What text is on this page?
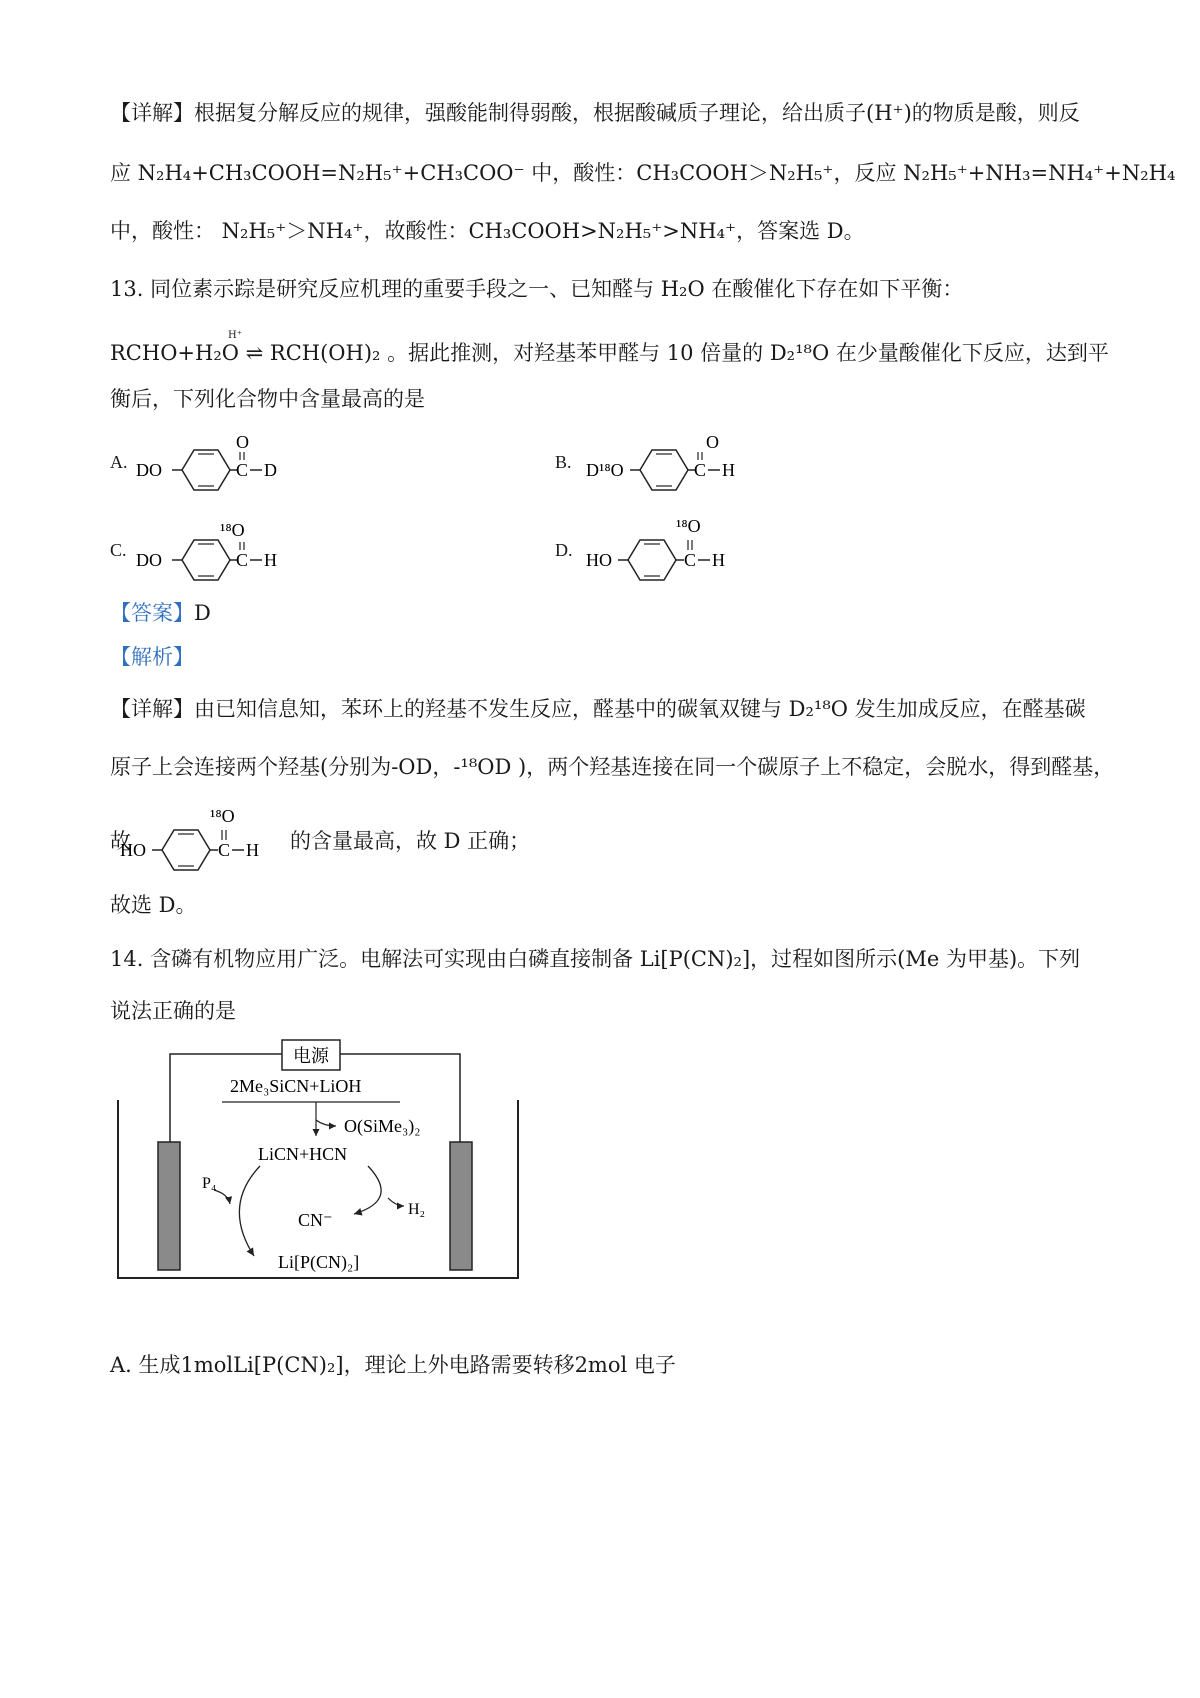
【详解】根据复分解反应的规律，强酸能制得弱酸，根据酸碱质子理论，给出质子(H⁺)的物质是酸，则反
应 N₂H₄+CH₃COOH=N₂H₅⁺+CH₃COO⁻ 中，酸性：CH₃COOH＞N₂H₅⁺，反应 N₂H₅⁺+NH₃=NH₄⁺+N₂H₄
中，酸性： N₂H₅⁺＞NH₄⁺，故酸性：CH₃COOH>N₂H₅⁺>NH₄⁺，答案选 D。
13. 同位素示踪是研究反应机理的重要手段之一、已知醛与 H₂O 在酸催化下存在如下平衡：
H⁺
RCHO+H₂O ⇌ RCH(OH)₂ 。据此推测，对羟基苯甲醛与 10 倍量的 D₂¹⁸O 在少量酸催化下反应，达到平
衡后，下列化合物中含量最高的是
A. DO	C
O
D	B. D¹⁸O	C
O
H
C. DO	C
¹⁸O
H	D. HO	C
¹⁸O
H
【答案】D
【解析】
【详解】由已知信息知，苯环上的羟基不发生反应，醛基中的碳氧双键与 D₂¹⁸O 发生加成反应，在醛基碳
原子上会连接两个羟基(分别为-OD，-¹⁸OD )，两个羟基连接在同一个碳原子上不稳定，会脱水，得到醛基，
故
HO	C
¹⁸O
H 的含量最高，故 D 正确；
故选 D。
14. 含磷有机物应用广泛。电解法可实现由白磷直接制备 Li[P(CN)₂]，过程如图所示(Me 为甲基)。下列
说法正确的是
电源
2Me₃SiCN+LiOH
O(SiMe₃)₂
LiCN+HCN
P₄
H₂
CN⁻
Li[P(CN)₂]
A. 生成1molLi[P(CN)₂]，理论上外电路需要转移2mol 电子
